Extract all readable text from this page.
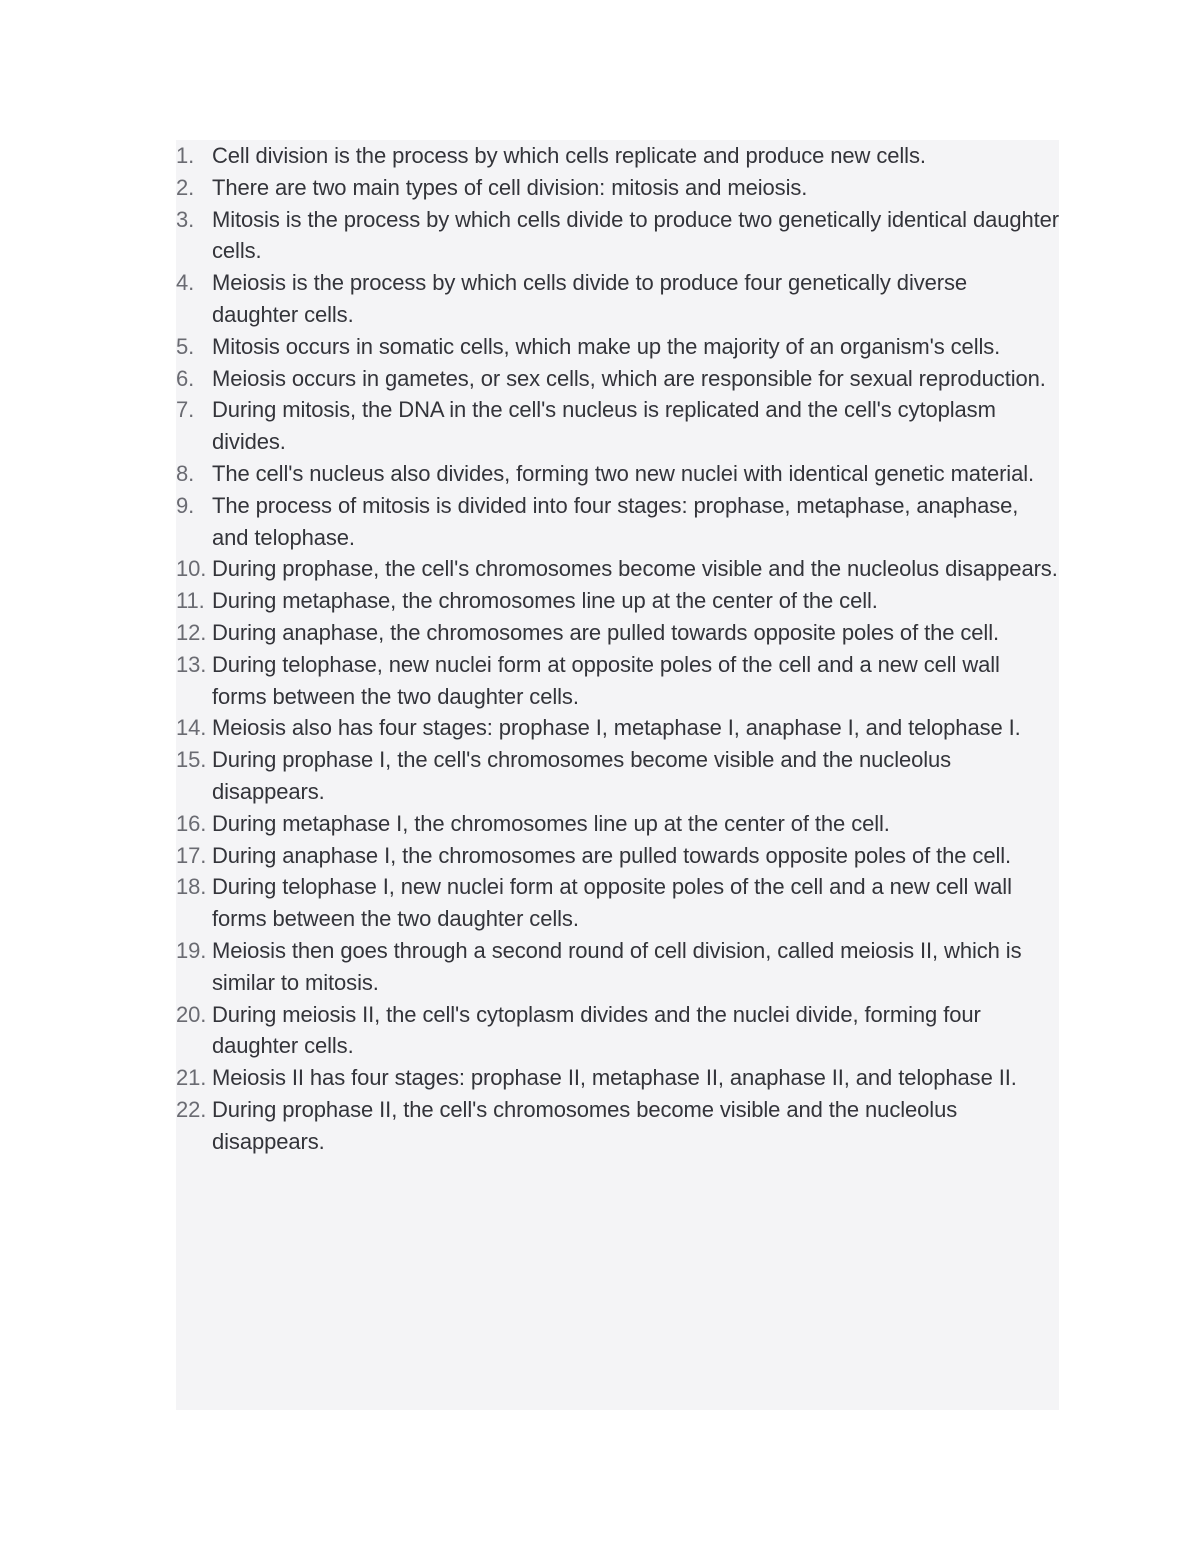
1. Cell division is the process by which cells replicate and produce new cells.
2. There are two main types of cell division: mitosis and meiosis.
3. Mitosis is the process by which cells divide to produce two genetically identical daughter cells.
4. Meiosis is the process by which cells divide to produce four genetically diverse daughter cells.
5. Mitosis occurs in somatic cells, which make up the majority of an organism's cells.
6. Meiosis occurs in gametes, or sex cells, which are responsible for sexual reproduction.
7. During mitosis, the DNA in the cell's nucleus is replicated and the cell's cytoplasm divides.
8. The cell's nucleus also divides, forming two new nuclei with identical genetic material.
9. The process of mitosis is divided into four stages: prophase, metaphase, anaphase, and telophase.
10. During prophase, the cell's chromosomes become visible and the nucleolus disappears.
11. During metaphase, the chromosomes line up at the center of the cell.
12. During anaphase, the chromosomes are pulled towards opposite poles of the cell.
13. During telophase, new nuclei form at opposite poles of the cell and a new cell wall forms between the two daughter cells.
14. Meiosis also has four stages: prophase I, metaphase I, anaphase I, and telophase I.
15. During prophase I, the cell's chromosomes become visible and the nucleolus disappears.
16. During metaphase I, the chromosomes line up at the center of the cell.
17. During anaphase I, the chromosomes are pulled towards opposite poles of the cell.
18. During telophase I, new nuclei form at opposite poles of the cell and a new cell wall forms between the two daughter cells.
19. Meiosis then goes through a second round of cell division, called meiosis II, which is similar to mitosis.
20. During meiosis II, the cell's cytoplasm divides and the nuclei divide, forming four daughter cells.
21. Meiosis II has four stages: prophase II, metaphase II, anaphase II, and telophase II.
22. During prophase II, the cell's chromosomes become visible and the nucleolus disappears.
